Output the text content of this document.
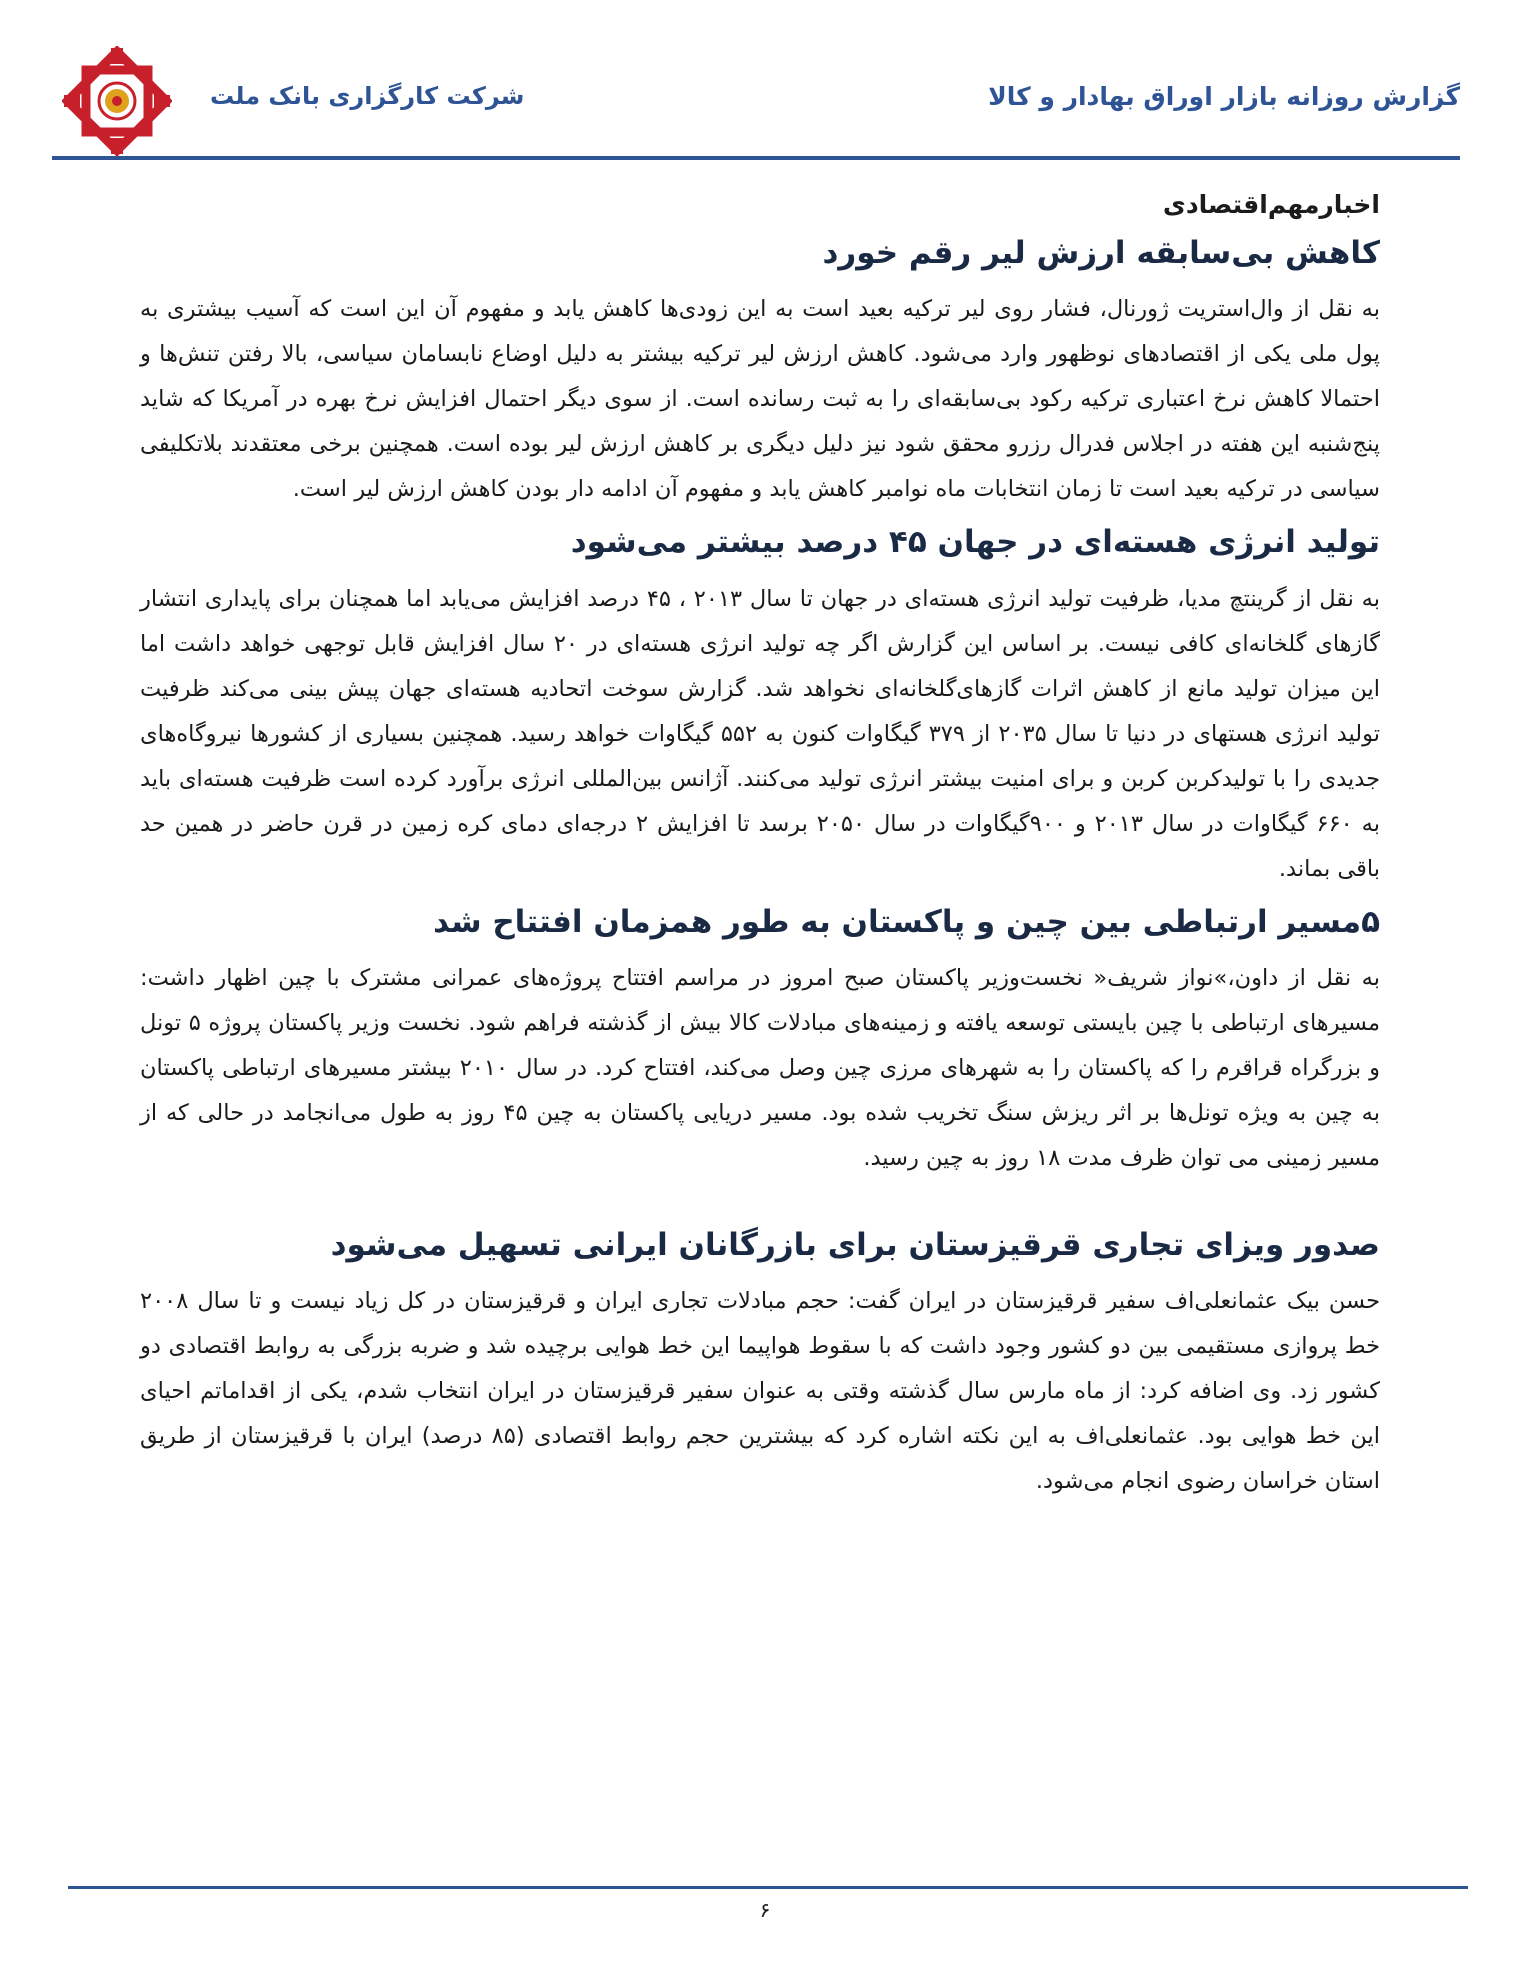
شرکت کارگزاری بانک ملت	گزارش روزانه بازار اوراق بهادار و کالا
اخبارمهم‌اقتصادی
کاهش بی‌سابقه ارزش لیر رقم خورد

به نقل از وال‌استریت ژورنال، فشار روی لیر ترکیه بعید است به این زودی‌ها کاهش یابد و مفهوم آن این است که آسیب بیشتری به پول ملی یکی از اقتصادهای نوظهور وارد می‌شود. کاهش ارزش لیر ترکیه بیشتر به دلیل اوضاع نابسامان سیاسی، بالا رفتن تنش‌ها و احتمالا کاهش نرخ اعتباری ترکیه رکود بی‌سابقه‌ای را به ثبت رسانده است. از سوی دیگر احتمال افزایش نرخ بهره در آمریکا که شاید پنج‌شنبه این هفته در اجلاس فدرال رزرو محقق شود نیز دلیل دیگری بر کاهش ارزش لیر بوده است. همچنین برخی معتقدند بلاتکلیفی سیاسی در ترکیه بعید است تا زمان انتخابات ماه نوامبر کاهش یابد و مفهوم آن ادامه دار بودن کاهش ارزش لیر است.

تولید انرژی هسته‌ای در جهان ۴۵ درصد بیشتر می‌شود

به نقل از گرینتچ مدیا، ظرفیت تولید انرژی هسته‌ای در جهان تا سال ۲۰۱۳ ، ۴۵ درصد افزایش می‌یابد اما همچنان برای پایداری انتشار گازهای گلخانه‌ای کافی نیست. بر اساس این گزارش اگر چه تولید انرژی هسته‌ای در ۲۰ سال افزایش قابل توجهی خواهد داشت اما این میزان تولید مانع از کاهش اثرات گازهای‌گلخانه‌ای نخواهد شد. گزارش سوخت اتحادیه هسته‌ای جهان پیش بینی می‌کند ظرفیت تولید انرژی هستهای در دنیا تا سال ۲۰۳۵ از ۳۷۹ گیگاوات کنون به ۵۵۲ گیگاوات خواهد رسید. همچنین بسیاری از کشورها نیروگاه‌های جدیدی را با تولیدکربن کربن و برای امنیت بیشتر انرژی تولید می‌کنند. آژانس بین‌المللی انرژی برآورد کرده است ظرفیت هسته‌ای باید به ۶۶۰ گیگاوات در سال ۲۰۱۳ و ۹۰۰گیگاوات در سال ۲۰۵۰ برسد تا افزایش ۲ درجه‌ای دمای کره زمین در قرن حاضر در همین حد باقی بماند.

۵مسیر ارتباطی بین چین و پاکستان به طور همزمان افتتاح شد

به نقل از داون،»نواز شریف« نخست‌وزیر پاکستان صبح امروز در مراسم افتتاح پروژه‌های عمرانی مشترک با چین اظهار داشت: مسیرهای ارتباطی با چین بایستی توسعه یافته و زمینه‌های مبادلات کالا بیش از گذشته فراهم شود. نخست وزیر پاکستان پروژه ۵ تونل و بزرگراه قراقرم را که پاکستان را به شهرهای مرزی چین وصل می‌کند، افتتاح کرد. در سال ۲۰۱۰ بیشتر مسیرهای ارتباطی پاکستان به چین به ویژه تونل‌ها بر اثر ریزش سنگ تخریب شده بود. مسیر دریایی پاکستان به چین ۴۵ روز به طول می‌انجامد در حالی که از مسیر زمینی می توان ظرف مدت ۱۸ روز به چین رسید.

صدور ویزای تجاری قرقیزستان برای بازرگانان ایرانی تسهیل می‌شود

حسن بیک عثمانعلی‌اف سفیر قرقیزستان در ایران گفت: حجم مبادلات تجاری ایران و قرقیزستان در کل زیاد نیست و تا سال ۲۰۰۸ خط پروازی مستقیمی بین دو کشور وجود داشت که با سقوط هواپیما این خط هوایی برچیده شد و ضربه بزرگی به روابط اقتصادی دو کشور زد. وی اضافه کرد: از ماه مارس سال گذشته وقتی به عنوان سفیر قرقیزستان در ایران انتخاب شدم، یکی از اقداماتم احیای این خط هوایی بود. عثمانعلی‌اف به این نکته اشاره کرد که بیشترین حجم روابط اقتصادی (۸۵ درصد) ایران با قرقیزستان از طریق استان خراسان رضوی انجام می‌شود.

۶
